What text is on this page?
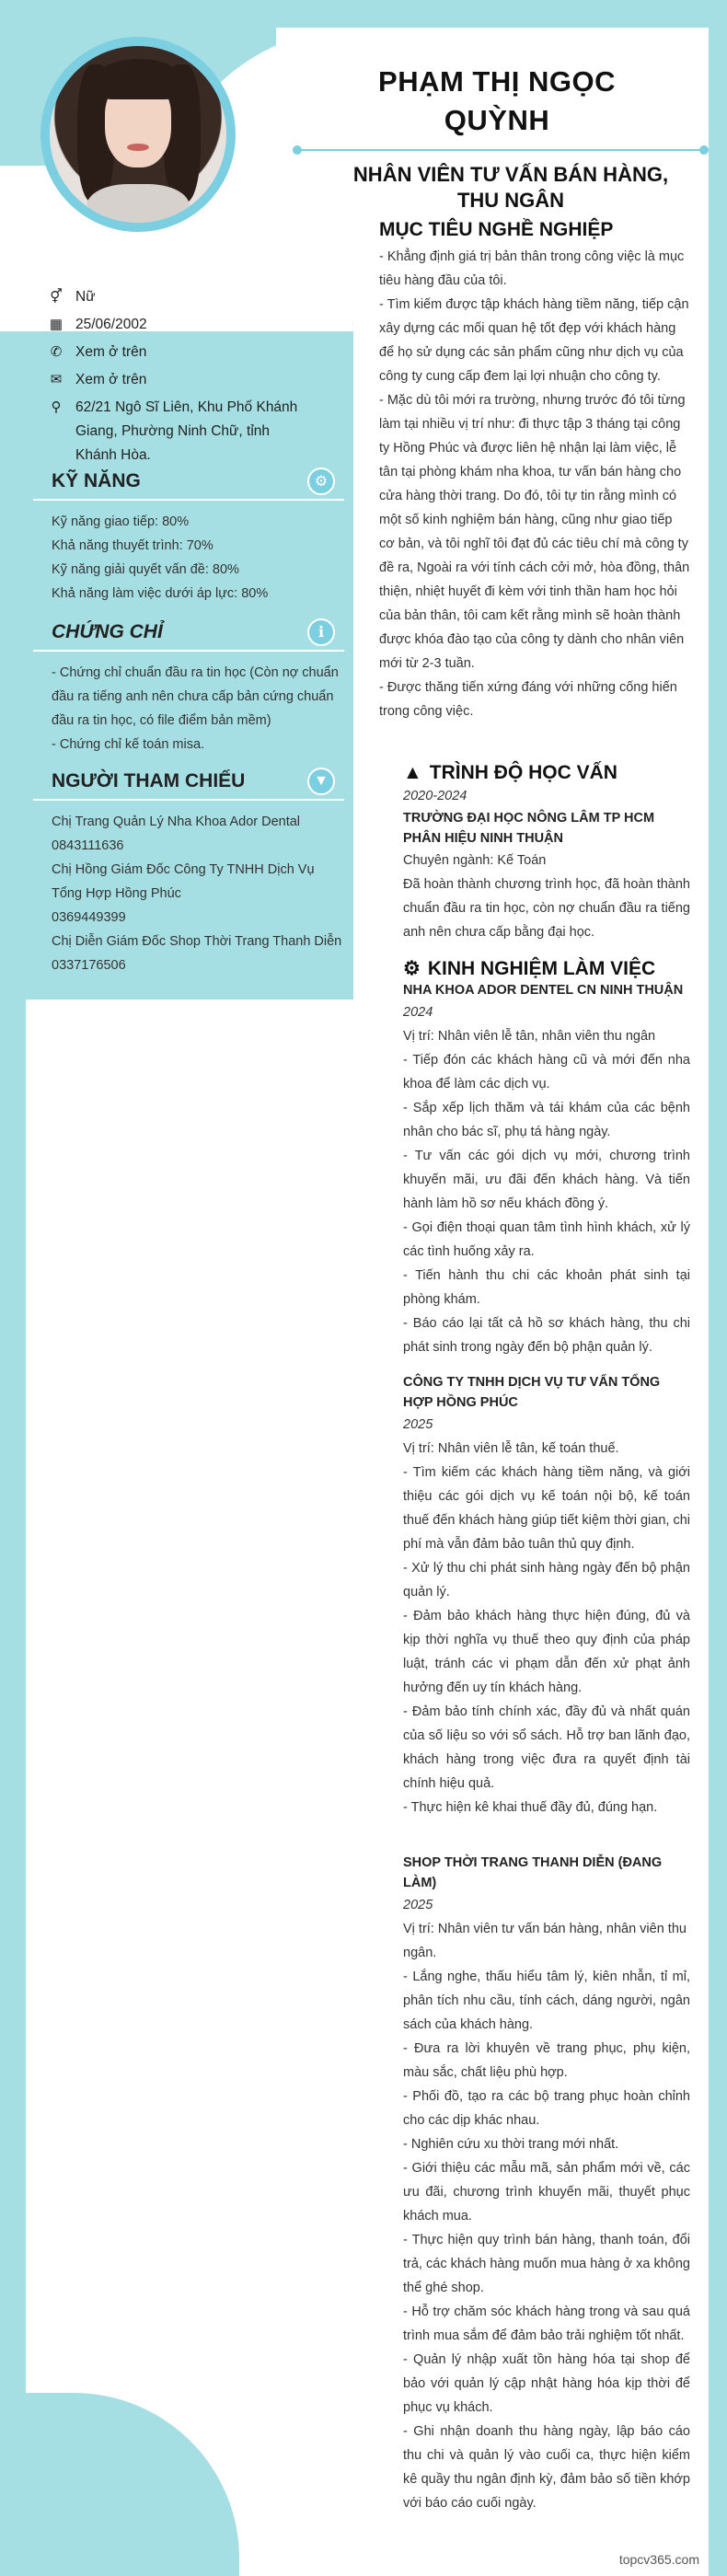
PHẠM THỊ NGỌC
QUỲNH
NHÂN VIÊN TƯ VẤN BÁN HÀNG,
THU NGÂN
⚥ Nữ
▦ 25/06/2002
✆ Xem ở trên
✉ Xem ở trên
⚲ 62/21 Ngô Sĩ Liên, Khu Phố Khánh Giang, Phường Ninh Chữ, tỉnh Khánh Hòa.
KỸ NĂNG	⚙
Kỹ năng giao tiếp: 80%
Khả năng thuyết trình: 70%
Kỹ năng giải quyết vấn đề: 80%
Khả năng làm việc dưới áp lực: 80%
CHỨNG CHỈ	ℹ
- Chứng chỉ chuẩn đầu ra tin học (Còn nợ chuẩn đầu ra tiếng anh nên chưa cấp bản cứng chuẩn đầu ra tin học, có file điểm bản mềm)
- Chứng chỉ kế toán misa.
NGƯỜI THAM CHIẾU	▼
Chị Trang Quản Lý Nha Khoa Ador Dental
0843111636
Chị Hồng Giám Đốc Công Ty TNHH Dịch Vụ Tổng Hợp Hồng Phúc
0369449399
Chị Diễn Giám Đốc Shop Thời Trang Thanh Diễn
0337176506
MỤC TIÊU NGHỀ NGHIỆP
- Khẳng định giá trị bản thân trong công việc là mục tiêu hàng đầu của tôi.
- Tìm kiếm được tập khách hàng tiềm năng, tiếp cận xây dựng các mối quan hệ tốt đẹp với khách hàng để họ sử dụng các sản phẩm cũng như dịch vụ của công ty cung cấp đem lại lợi nhuận cho công ty.
- Mặc dù tôi mới ra trường, nhưng trước đó tôi từng làm tại nhiều vị trí như: đi thực tập 3 tháng tại công ty Hồng Phúc và được liên hệ nhận lại làm việc, lễ tân tại phòng khám nha khoa, tư vấn bán hàng cho cửa hàng thời trang. Do đó, tôi tự tin rằng mình có một số kinh nghiệm bán hàng, cũng như giao tiếp cơ bản, và tôi nghĩ tôi đạt đủ các tiêu chí mà công ty đề ra, Ngoài ra với tính cách cởi mở, hòa đồng, thân thiện, nhiệt huyết đi kèm với tinh thần ham học hỏi của bản thân, tôi cam kết rằng mình sẽ hoàn thành được khóa đào tạo của công ty dành cho nhân viên mới từ 2-3 tuần.
- Được thăng tiến xứng đáng với những cống hiến trong công việc.
▲ TRÌNH ĐỘ HỌC VẤN
2020-2024
TRƯỜNG ĐẠI HỌC NÔNG LÂM TP HCM PHÂN HIỆU NINH THUẬN
Chuyên ngành: Kế Toán
Đã hoàn thành chương trình học, đã hoàn thành chuẩn đầu ra tin học, còn nợ chuẩn đầu ra tiếng anh nên chưa cấp bằng đại học.
⚙ KINH NGHIỆM LÀM VIỆC
NHA KHOA ADOR DENTEL CN NINH THUẬN
2024
Vị trí: Nhân viên lễ tân, nhân viên thu ngân
- Tiếp đón các khách hàng cũ và mới đến nha khoa để làm các dịch vụ.
- Sắp xếp lịch thăm và tái khám của các bệnh nhân cho bác sĩ, phụ tá hàng ngày.
- Tư vấn các gói dịch vụ mới, chương trình khuyến mãi, ưu đãi đến khách hàng. Và tiến hành làm hồ sơ nếu khách đồng ý.
- Gọi điện thoại quan tâm tình hình khách, xử lý các tình huống xảy ra.
- Tiến hành thu chi các khoản phát sinh tại phòng khám.
- Báo cáo lại tất cả hồ sơ khách hàng, thu chi phát sinh trong ngày đến bộ phận quản lý.
CÔNG TY TNHH DỊCH VỤ TƯ VẤN TỔNG HỢP HỒNG PHÚC
2025
Vị trí: Nhân viên lễ tân, kế toán thuế.
- Tìm kiếm các khách hàng tiềm năng, và giới thiệu các gói dịch vụ kế toán nội bộ, kế toán thuế đến khách hàng giúp tiết kiệm thời gian, chi phí mà vẫn đảm bảo tuân thủ quy định.
- Xử lý thu chi phát sinh hàng ngày đến bộ phận quản lý.
- Đảm bảo khách hàng thực hiện đúng, đủ và kịp thời nghĩa vụ thuế theo quy định của pháp luật, tránh các vi phạm dẫn đến xử phạt ảnh hưởng đến uy tín khách hàng.
- Đảm bảo tính chính xác, đầy đủ và nhất quán của số liệu so với sổ sách. Hỗ trợ ban lãnh đạo, khách hàng trong việc đưa ra quyết định tài chính hiệu quả.
- Thực hiện kê khai thuế đầy đủ, đúng hạn.
SHOP THỜI TRANG THANH DIỄN (ĐANG LÀM)
2025
Vị trí: Nhân viên tư vấn bán hàng, nhân viên thu ngân.
- Lắng nghe, thấu hiểu tâm lý, kiên nhẫn, tỉ mỉ, phân tích nhu cầu, tính cách, dáng người, ngân sách của khách hàng.
- Đưa ra lời khuyên về trang phục, phụ kiện, màu sắc, chất liệu phù hợp.
- Phối đồ, tạo ra các bộ trang phục hoàn chỉnh cho các dịp khác nhau.
- Nghiên cứu xu thời trang mới nhất.
- Giới thiệu các mẫu mã, sản phẩm mới về, các ưu đãi, chương trình khuyến mãi, thuyết phục khách mua.
- Thực hiện quy trình bán hàng, thanh toán, đổi trả, các khách hàng muốn mua hàng ở xa không thể ghé shop.
- Hỗ trợ chăm sóc khách hàng trong và sau quá trình mua sắm để đảm bảo trải nghiệm tốt nhất.
- Quản lý nhập xuất tồn hàng hóa tại shop để bảo với quản lý cập nhật hàng hóa kịp thời để phục vụ khách.
- Ghi nhận doanh thu hàng ngày, lập báo cáo thu chi và quản lý vào cuối ca, thực hiện kiểm kê quầy thu ngân định kỳ, đảm bảo số tiền khớp với báo cáo cuối ngày.
topcv365.com
